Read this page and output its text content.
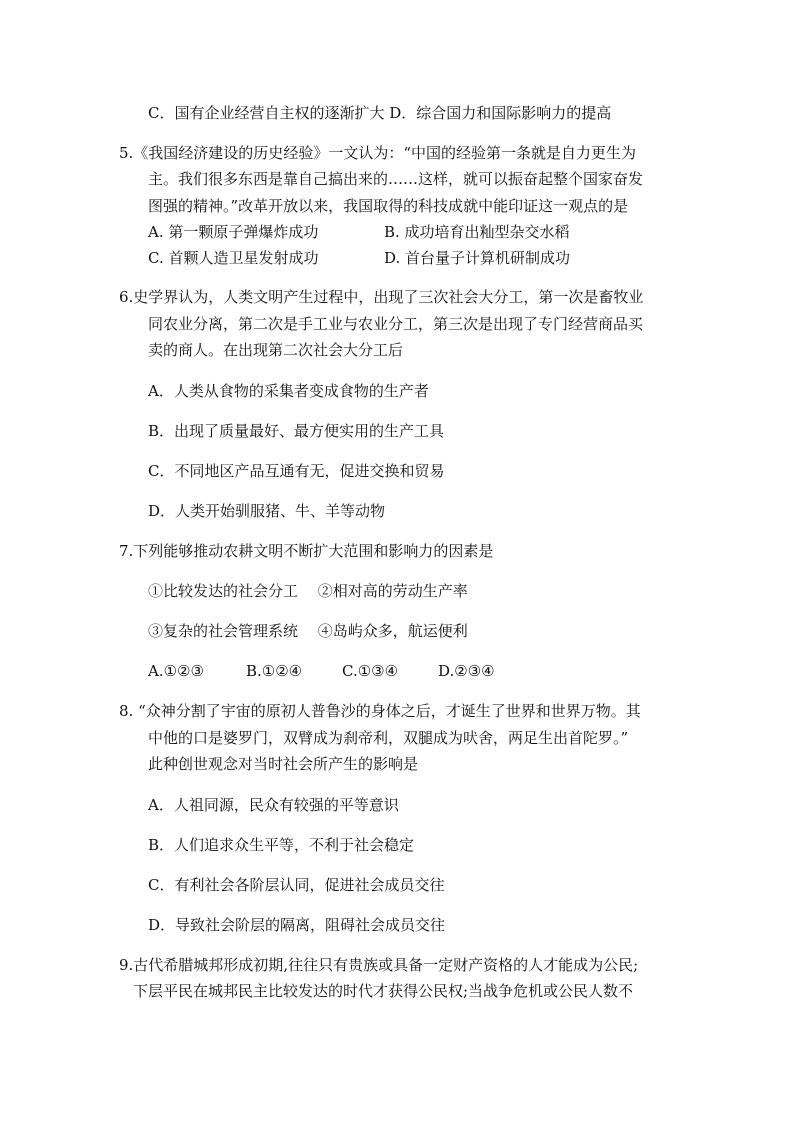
C．国有企业经营自主权的逐渐扩大 D．综合国力和国际影响力的提高
5.《我国经济建设的历史经验》一文认为：“中国的经验第一条就是自力更生为
主。我们很多东西是靠自己搞出来的……这样，就可以振奋起整个国家奋发
图强的精神。”改革开放以来，我国取得的科技成就中能印证这一观点的是
A. 第一颗原子弹爆炸成功	B. 成功培育出籼型杂交水稻
C. 首颗人造卫星发射成功	D. 首台量子计算机研制成功
6.史学界认为，人类文明产生过程中，出现了三次社会大分工，第一次是畜牧业
同农业分离，第二次是手工业与农业分工，第三次是出现了专门经营商品买
卖的商人。在出现第二次社会大分工后
A．人类从食物的采集者变成食物的生产者
B．出现了质量最好、最方便实用的生产工具
C．不同地区产品互通有无，促进交换和贸易
D．人类开始驯服猪、牛、羊等动物
7.下列能够推动农耕文明不断扩大范围和影响力的因素是
①比较发达的社会分工　 ②相对高的劳动生产率
③复杂的社会管理系统　 ④岛屿众多，航运便利
A.①②③	B.①②④	C.①③④	D.②③④
8. “众神分割了宇宙的原初人普鲁沙的身体之后，才诞生了世界和世界万物。其
中他的口是婆罗门，双臂成为刹帝利，双腿成为吠舍，两足生出首陀罗。”
此种创世观念对当时社会所产生的影响是
A．人祖同源，民众有较强的平等意识
B．人们追求众生平等，不利于社会稳定
C．有利社会各阶层认同，促进社会成员交往
D．导致社会阶层的隔离，阻碍社会成员交往
9.古代希腊城邦形成初期,往往只有贵族或具备一定财产资格的人才能成为公民;
下层平民在城邦民主比较发达的时代才获得公民权;当战争危机或公民人数不
